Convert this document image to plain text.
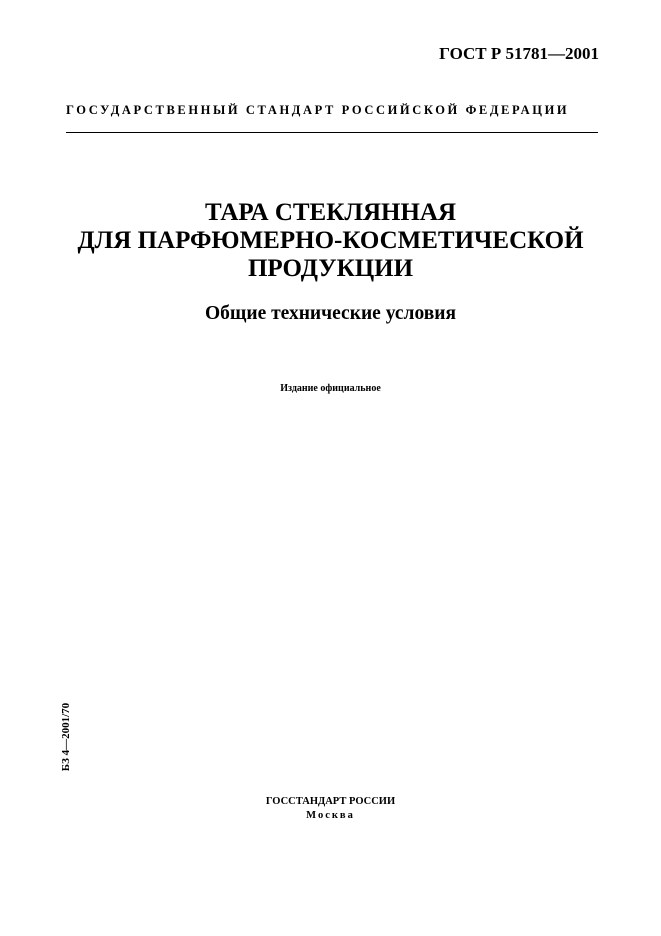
ГОСТ Р 51781—2001
ГОСУДАРСТВЕННЫЙ СТАНДАРТ РОССИЙСКОЙ ФЕДЕРАЦИИ
ТАРА СТЕКЛЯННАЯ
ДЛЯ ПАРФЮМЕРНО-КОСМЕТИЧЕСКОЙ
ПРОДУКЦИИ
Общие технические условия
Издание официальное
БЗ 4—2001/70
ГОССТАНДАРТ РОССИИ
Москва
